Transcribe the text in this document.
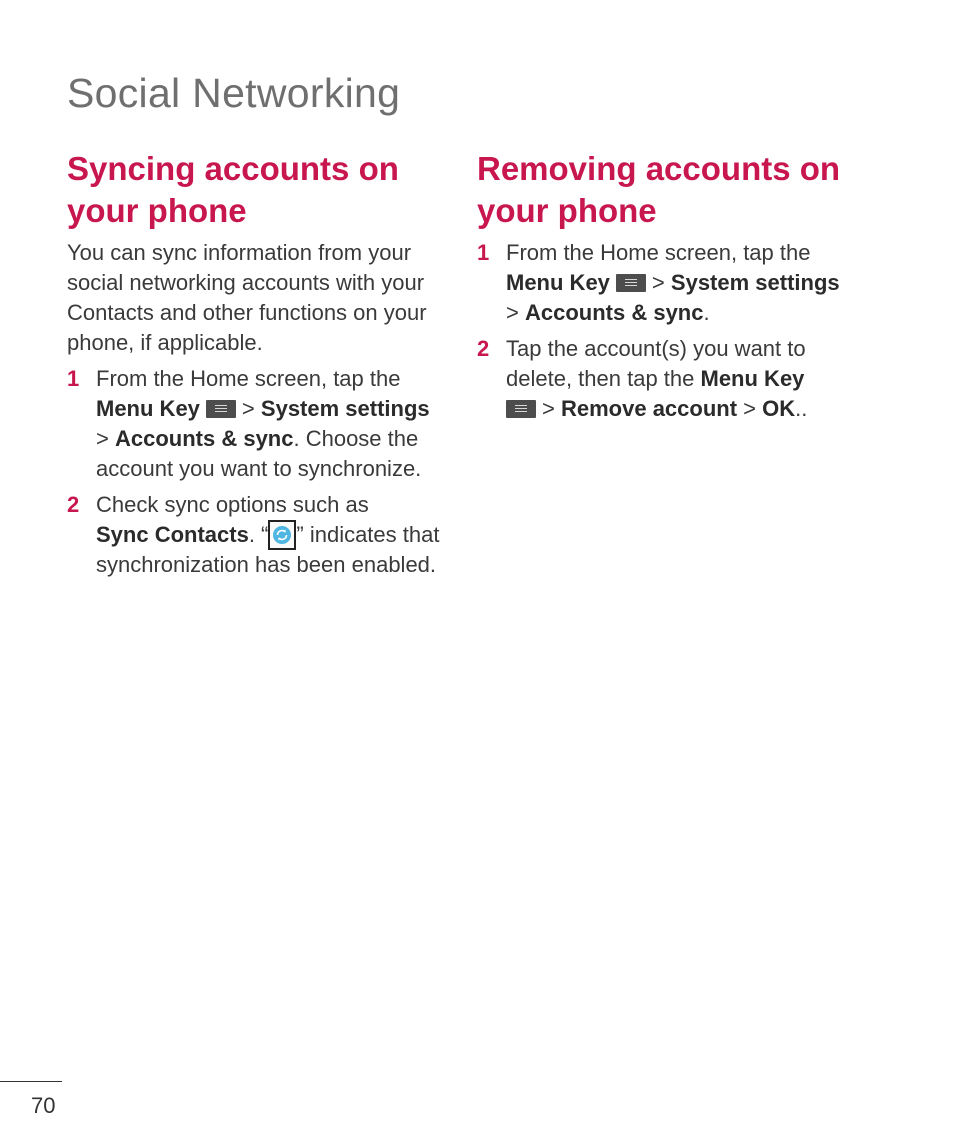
Social Networking
Syncing accounts on
your phone

You can sync information from your social networking accounts with your Contacts and other functions on your phone, if applicable.

1 From the Home screen, tap the
Menu Key > System settings
> Accounts & sync. Choose the account you want to synchronize.
2 Check sync options such as
Sync Contacts. “ ” indicates that synchronization has been enabled.
Removing accounts on
your phone
1 From the Home screen, tap the
Menu Key > System settings
> Accounts & sync.
2 Tap the account(s) you want to delete, then tap the Menu Key
> Remove account > OK..
70
